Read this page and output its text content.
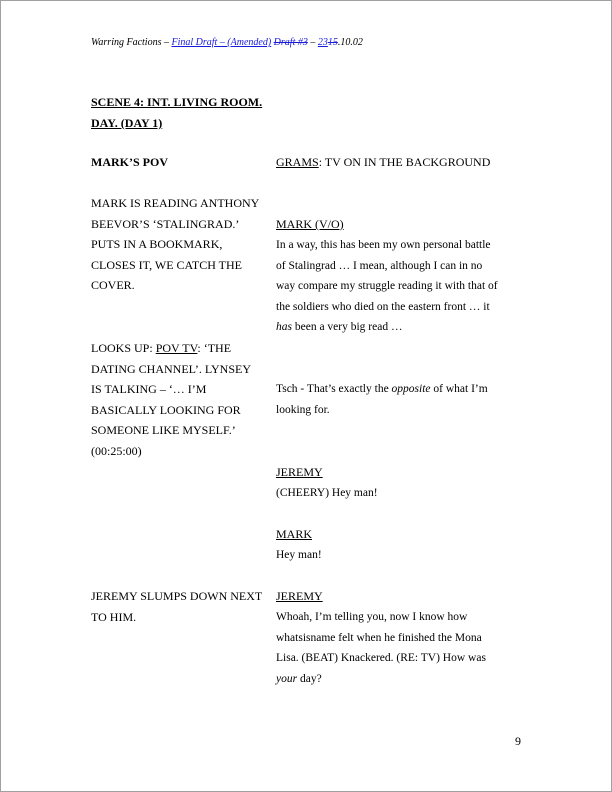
Warring Factions – Final Draft – (Amended) Draft #3 – 2315.10.02
SCENE 4: INT. LIVING ROOM.
DAY. (DAY 1)
MARK’S POV
MARK IS READING ANTHONY
BEEVOR’S ‘STALINGRAD.’
PUTS IN A BOOKMARK,
CLOSES IT, WE CATCH THE
COVER.
LOOKS UP: POV TV: ‘THE
DATING CHANNEL’. LYNSEY
IS TALKING – ‘… I’M
BASICALLY LOOKING FOR
SOMEONE LIKE MYSELF.’
(00:25:00)
JEREMY SLUMPS DOWN NEXT
TO HIM.
GRAMS: TV ON IN THE BACKGROUND
MARK (V/O)
In a way, this has been my own personal battle
of Stalingrad … I mean, although I can in no
way compare my struggle reading it with that of
the soldiers who died on the eastern front … it
has been a very big read …
Tsch - That’s exactly the opposite of what I’m
looking for.
JEREMY
(CHEERY) Hey man!
MARK
Hey man!
JEREMY
Whoah, I’m telling you, now I know how
whatsisname felt when he finished the Mona
Lisa. (BEAT) Knackered. (RE: TV) How was
your day?
9
